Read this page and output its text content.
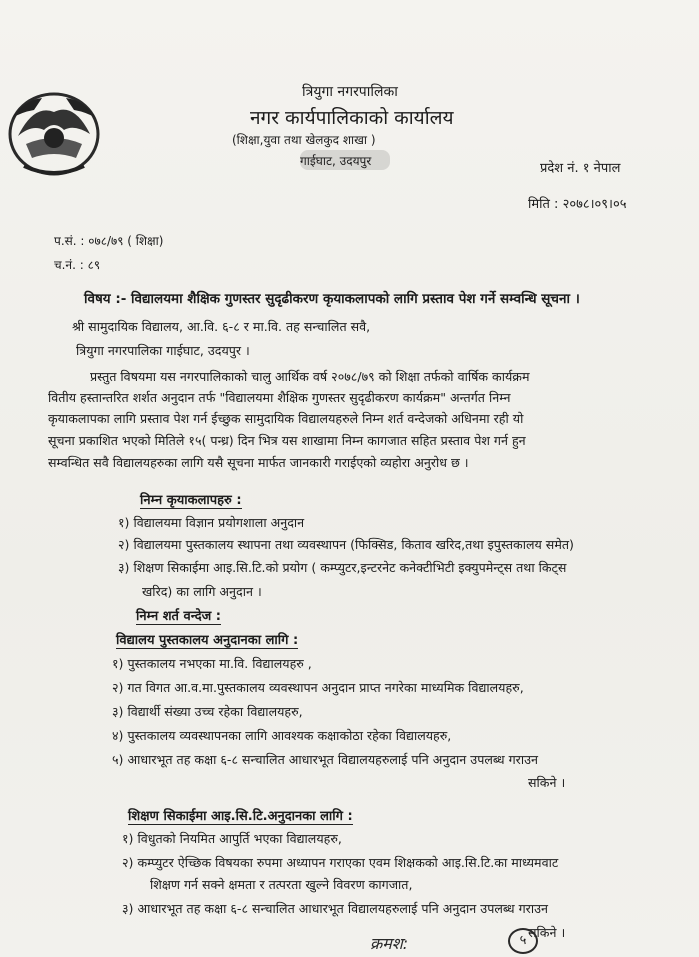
त्रियुगा नगरपालिका
नगर कार्यपालिकाको कार्यालय
(शिक्षा,युवा तथा खेलकुद शाखा )
गाईघाट, उदयपुर	प्रदेश नं. १ नेपाल
मिति : २०७८।०९।०५
प.सं. : ०७८/७९ ( शिक्षा)
च.नं. : ८९
विषय :- विद्यालयमा शैक्षिक गुणस्तर सुदृढीकरण कृयाकलापको लागि प्रस्ताव पेश गर्ने सम्वन्धि सूचना ।
श्री सामुदायिक विद्यालय, आ.वि. ६-८ र मा.वि. तह सन्चालित सवै,
त्रियुगा नगरपालिका गाईघाट, उदयपुर ।
प्रस्तुत विषयमा यस नगरपालिकाको चालु आर्थिक वर्ष २०७८/७९ को शिक्षा तर्फको वार्षिक कार्यक्रम
वितीय हस्तान्तरित शर्शत अनुदान तर्फ "विद्यालयमा शैक्षिक गुणस्तर सुदृढीकरण कार्यक्रम" अन्तर्गत निम्न
कृयाकलापका लागि प्रस्ताव पेश गर्न ईच्छुक सामुदायिक विद्यालयहरुले निम्न शर्त वन्देजको अधिनमा रही यो
सूचना प्रकाशित भएको मितिले १५( पन्ध्र) दिन भित्र यस शाखामा निम्न कागजात सहित प्रस्ताव पेश गर्न हुन
सम्वन्धित सवै विद्यालयहरुका लागि यसै सूचना मार्फत जानकारी गराईएको व्यहोरा अनुरोध छ ।
निम्न कृयाकलापहरु :
१) विद्यालयमा विज्ञान प्रयोगशाला अनुदान
२) विद्यालयमा पुस्तकालय स्थापना तथा व्यवस्थापन (फिक्सिड, किताव खरिद,तथा इपुस्तकालय समेत)
३) शिक्षण सिकाईमा आइ.सि.टि.को प्रयोग ( कम्प्युटर,इन्टरनेट कनेक्टीभिटी इक्युपमेन्ट्स तथा किट्स
खरिद) का लागि अनुदान ।
निम्न शर्त वन्देज :
विद्यालय पुस्तकालय अनुदानका लागि :
१) पुस्तकालय नभएका मा.वि. विद्यालयहरु ,
२) गत विगत आ.व.मा.पुस्तकालय व्यवस्थापन अनुदान प्राप्त नगरेका माध्यमिक विद्यालयहरु,
३) विद्यार्थी संख्या उच्च रहेका विद्यालयहरु,
४) पुस्तकालय व्यवस्थापनका लागि आवश्यक कक्षाकोठा रहेका विद्यालयहरु,
५) आधारभूत तह कक्षा ६-८ सन्चालित आधारभूत विद्यालयहरुलाई पनि अनुदान उपलब्ध गराउन
सकिने ।
शिक्षण सिकाईमा आइ.सि.टि.अनुदानका लागि :
१) विधुतको नियमित आपुर्ति भएका विद्यालयहरु,
२) कम्प्युटर ऐच्छिक विषयका रुपमा अध्यापन गराएका एवम शिक्षकको आइ.सि.टि.का माध्यमवाट
शिक्षण गर्न सक्ने क्षमता र तत्परता खुल्ने विवरण कागजात,
३) आधारभूत तह कक्षा ६-८ सन्चालित आधारभूत विद्यालयहरुलाई पनि अनुदान उपलब्ध गराउन
सकिने ।
क्रमश:	५
